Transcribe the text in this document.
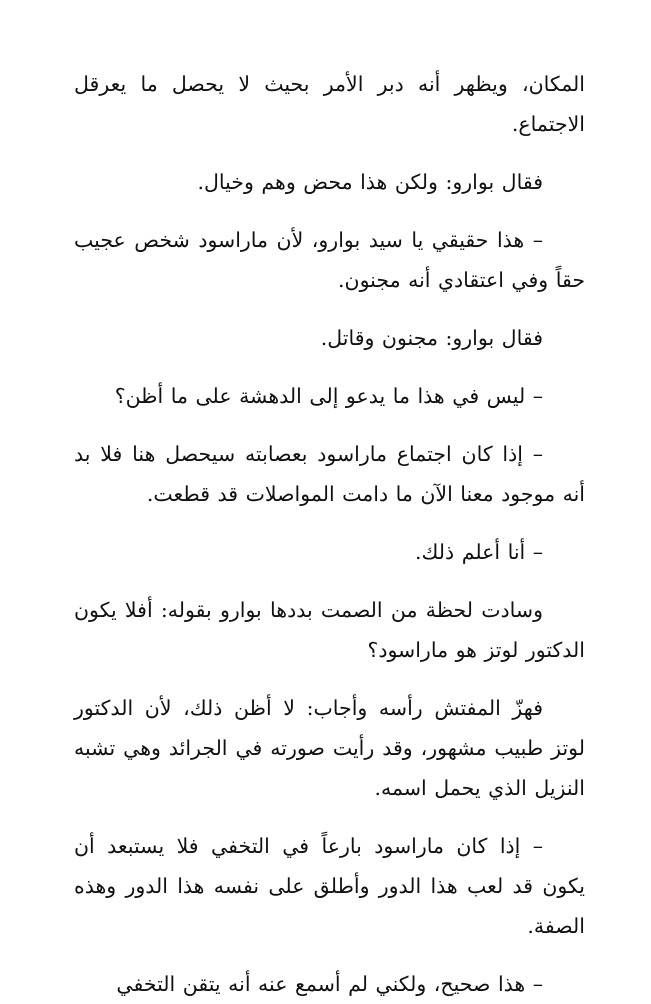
المكان، ويظهر أنه دبر الأمر بحيث لا يحصل ما يعرقل الاجتماع.

فقال بوارو: ولكن هذا محض وهم وخيال.

– هذا حقيقي يا سيد بوارو، لأن ماراسود شخص عجيب حقاً وفي اعتقادي أنه مجنون.

فقال بوارو: مجنون وقاتل.

– ليس في هذا ما يدعو إلى الدهشة على ما أظن؟

– إذا كان اجتماع ماراسود بعصابته سيحصل هنا فلا بد أنه موجود معنا الآن ما دامت المواصلات قد قطعت.

– أنا أعلم ذلك.

وسادت لحظة من الصمت بددها بوارو بقوله: أفلا يكون الدكتور لوتز هو ماراسود؟

فهزّ المفتش رأسه وأجاب: لا أظن ذلك، لأن الدكتور لوتز طبيب مشهور، وقد رأيت صورته في الجرائد وهي تشبه النزيل الذي يحمل اسمه.

– إذا كان ماراسود بارعاً في التخفي فلا يستبعد أن يكون قد لعب هذا الدور وأطلق على نفسه هذا الدور وهذه الصفة.

– هذا صحيح، ولكني لم أسمع عنه أنه يتقن التخفي
